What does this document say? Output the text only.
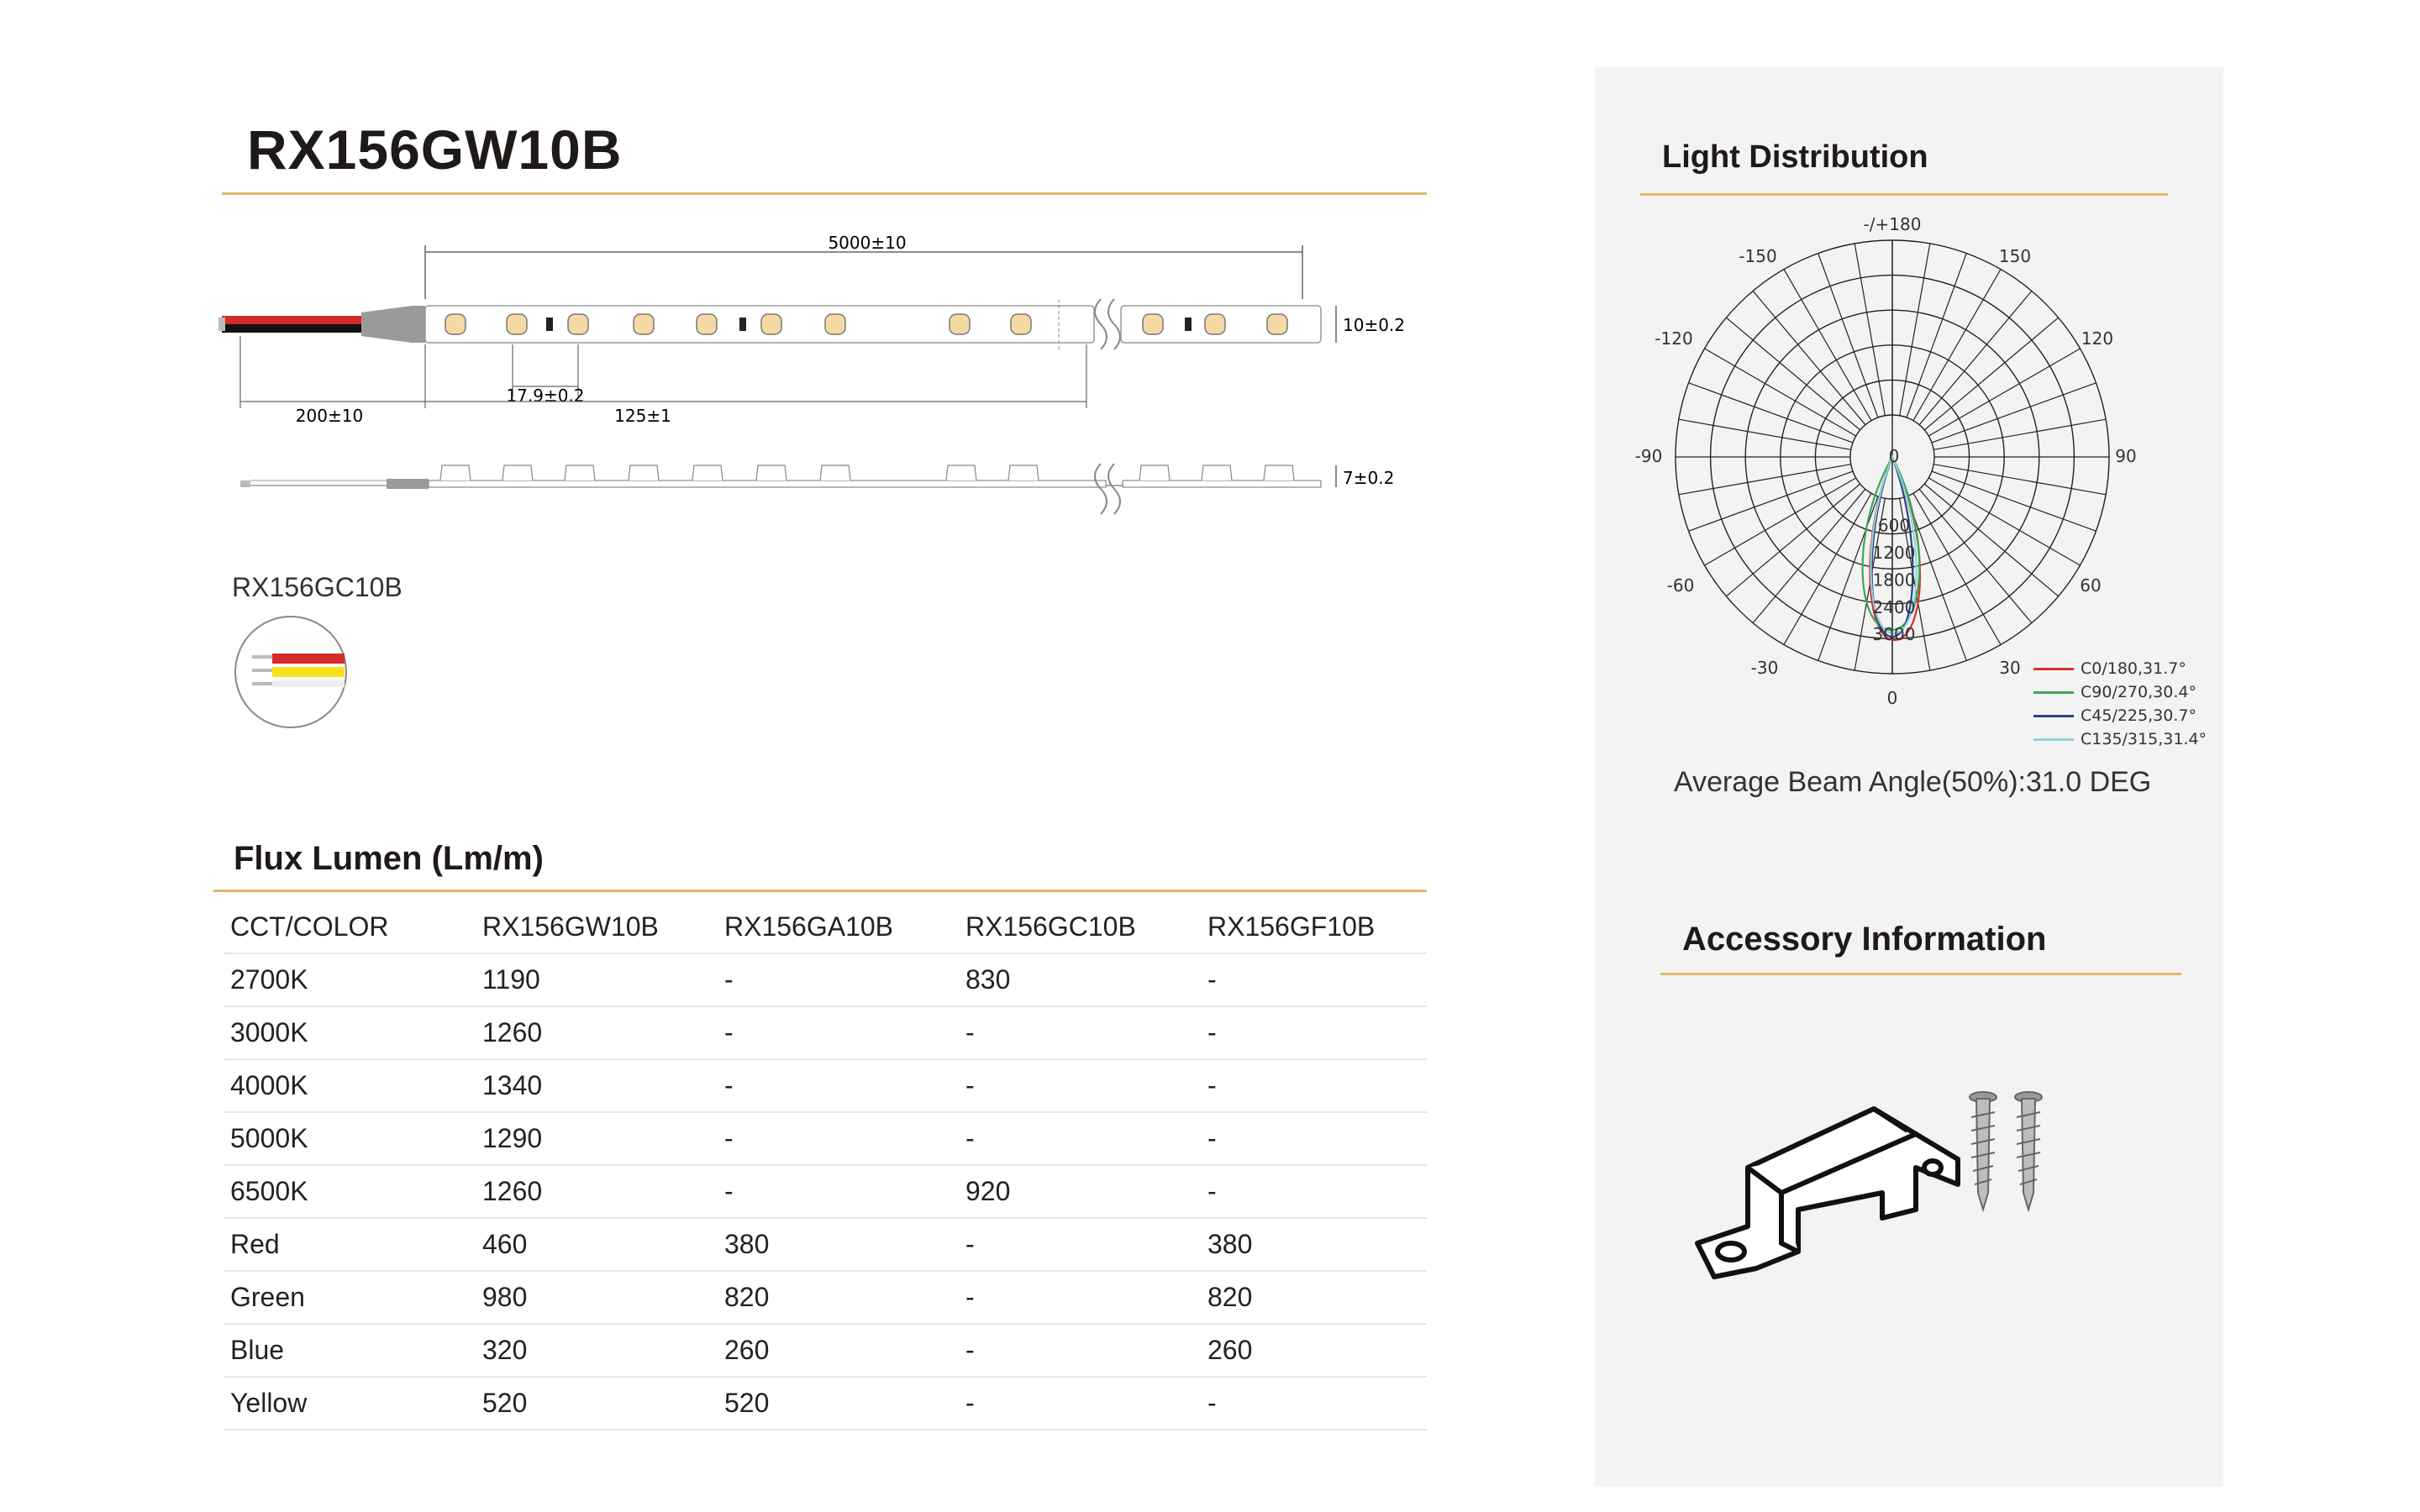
RX156GW10B
5000±10
10±0.2
200±10
17.9±0.2
125±1
7±0.2
RX156GC10B
Flux Lumen (Lm/m)
CCT/COLOR	RX156GW10B	RX156GA10B	RX156GC10B	RX156GF10B
2700K	1190	-	830	-
3000K	1260	-	-	-
4000K	1340	-	-	-
5000K	1290	-	-	-
6500K	1260	-	920	-
Red	460	380	-	380
Green	980	820	-	820
Blue	320	260	-	260
Yellow	520	520	-	-
Light Distribution
-/+180
-150	150
-120	120
-90	90
-60	60
-30	30
0
0
600
1200
1800
2400
3000
C0/180,31.7°
C90/270,30.4°
C45/225,30.7°
C135/315,31.4°
Average Beam Angle(50%):31.0 DEG
Accessory Information
